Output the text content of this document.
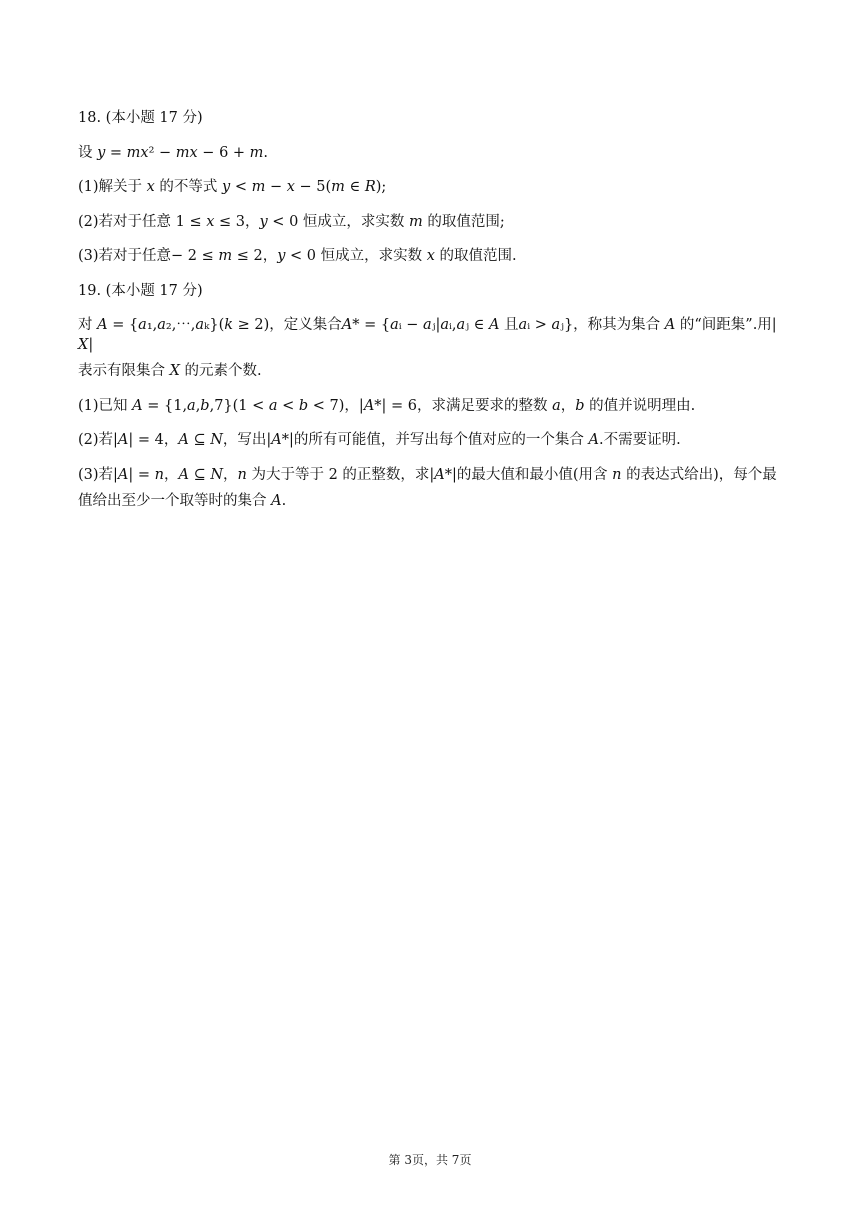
18. (本小题 17 分)

设 𝑦 = 𝑚𝑥² − 𝑚𝑥 − 6 + 𝑚.

(1)解关于 𝑥 的不等式 𝑦 < 𝑚 − 𝑥 − 5(𝑚 ∈ 𝑅);

(2)若对于任意 1 ≤ 𝑥 ≤ 3，𝑦 < 0 恒成立，求实数 𝑚 的取值范围;

(3)若对于任意− 2 ≤ 𝑚 ≤ 2，𝑦 < 0 恒成立，求实数 𝑥 的取值范围.

19. (本小题 17 分)

对 𝐴 = {𝑎₁,𝑎₂,⋯,𝑎ₖ}(𝑘 ≥ 2)，定义集合𝐴* = {𝑎ᵢ − 𝑎ⱼ|𝑎ᵢ,𝑎ⱼ ∈ 𝐴 且𝑎ᵢ > 𝑎ⱼ}，称其为集合 𝐴 的“间距集”.用|𝑋|

表示有限集合 𝑋 的元素个数.

(1)已知 𝐴 = {1,𝑎,𝑏,7}(1 < 𝑎 < 𝑏 < 7)，|𝐴*| = 6，求满足要求的整数 𝑎，𝑏 的值并说明理由.

(2)若|𝐴| = 4，𝐴 ⊆ 𝑁，写出|𝐴*|的所有可能值，并写出每个值对应的一个集合 𝐴.不需要证明.

(3)若|𝐴| = 𝑛，𝐴 ⊆ 𝑁，𝑛 为大于等于 2 的正整数，求|𝐴*|的最大值和最小值(用含 𝑛 的表达式给出)，每个最

值给出至少一个取等时的集合 𝐴.

第 3页，共 7页
